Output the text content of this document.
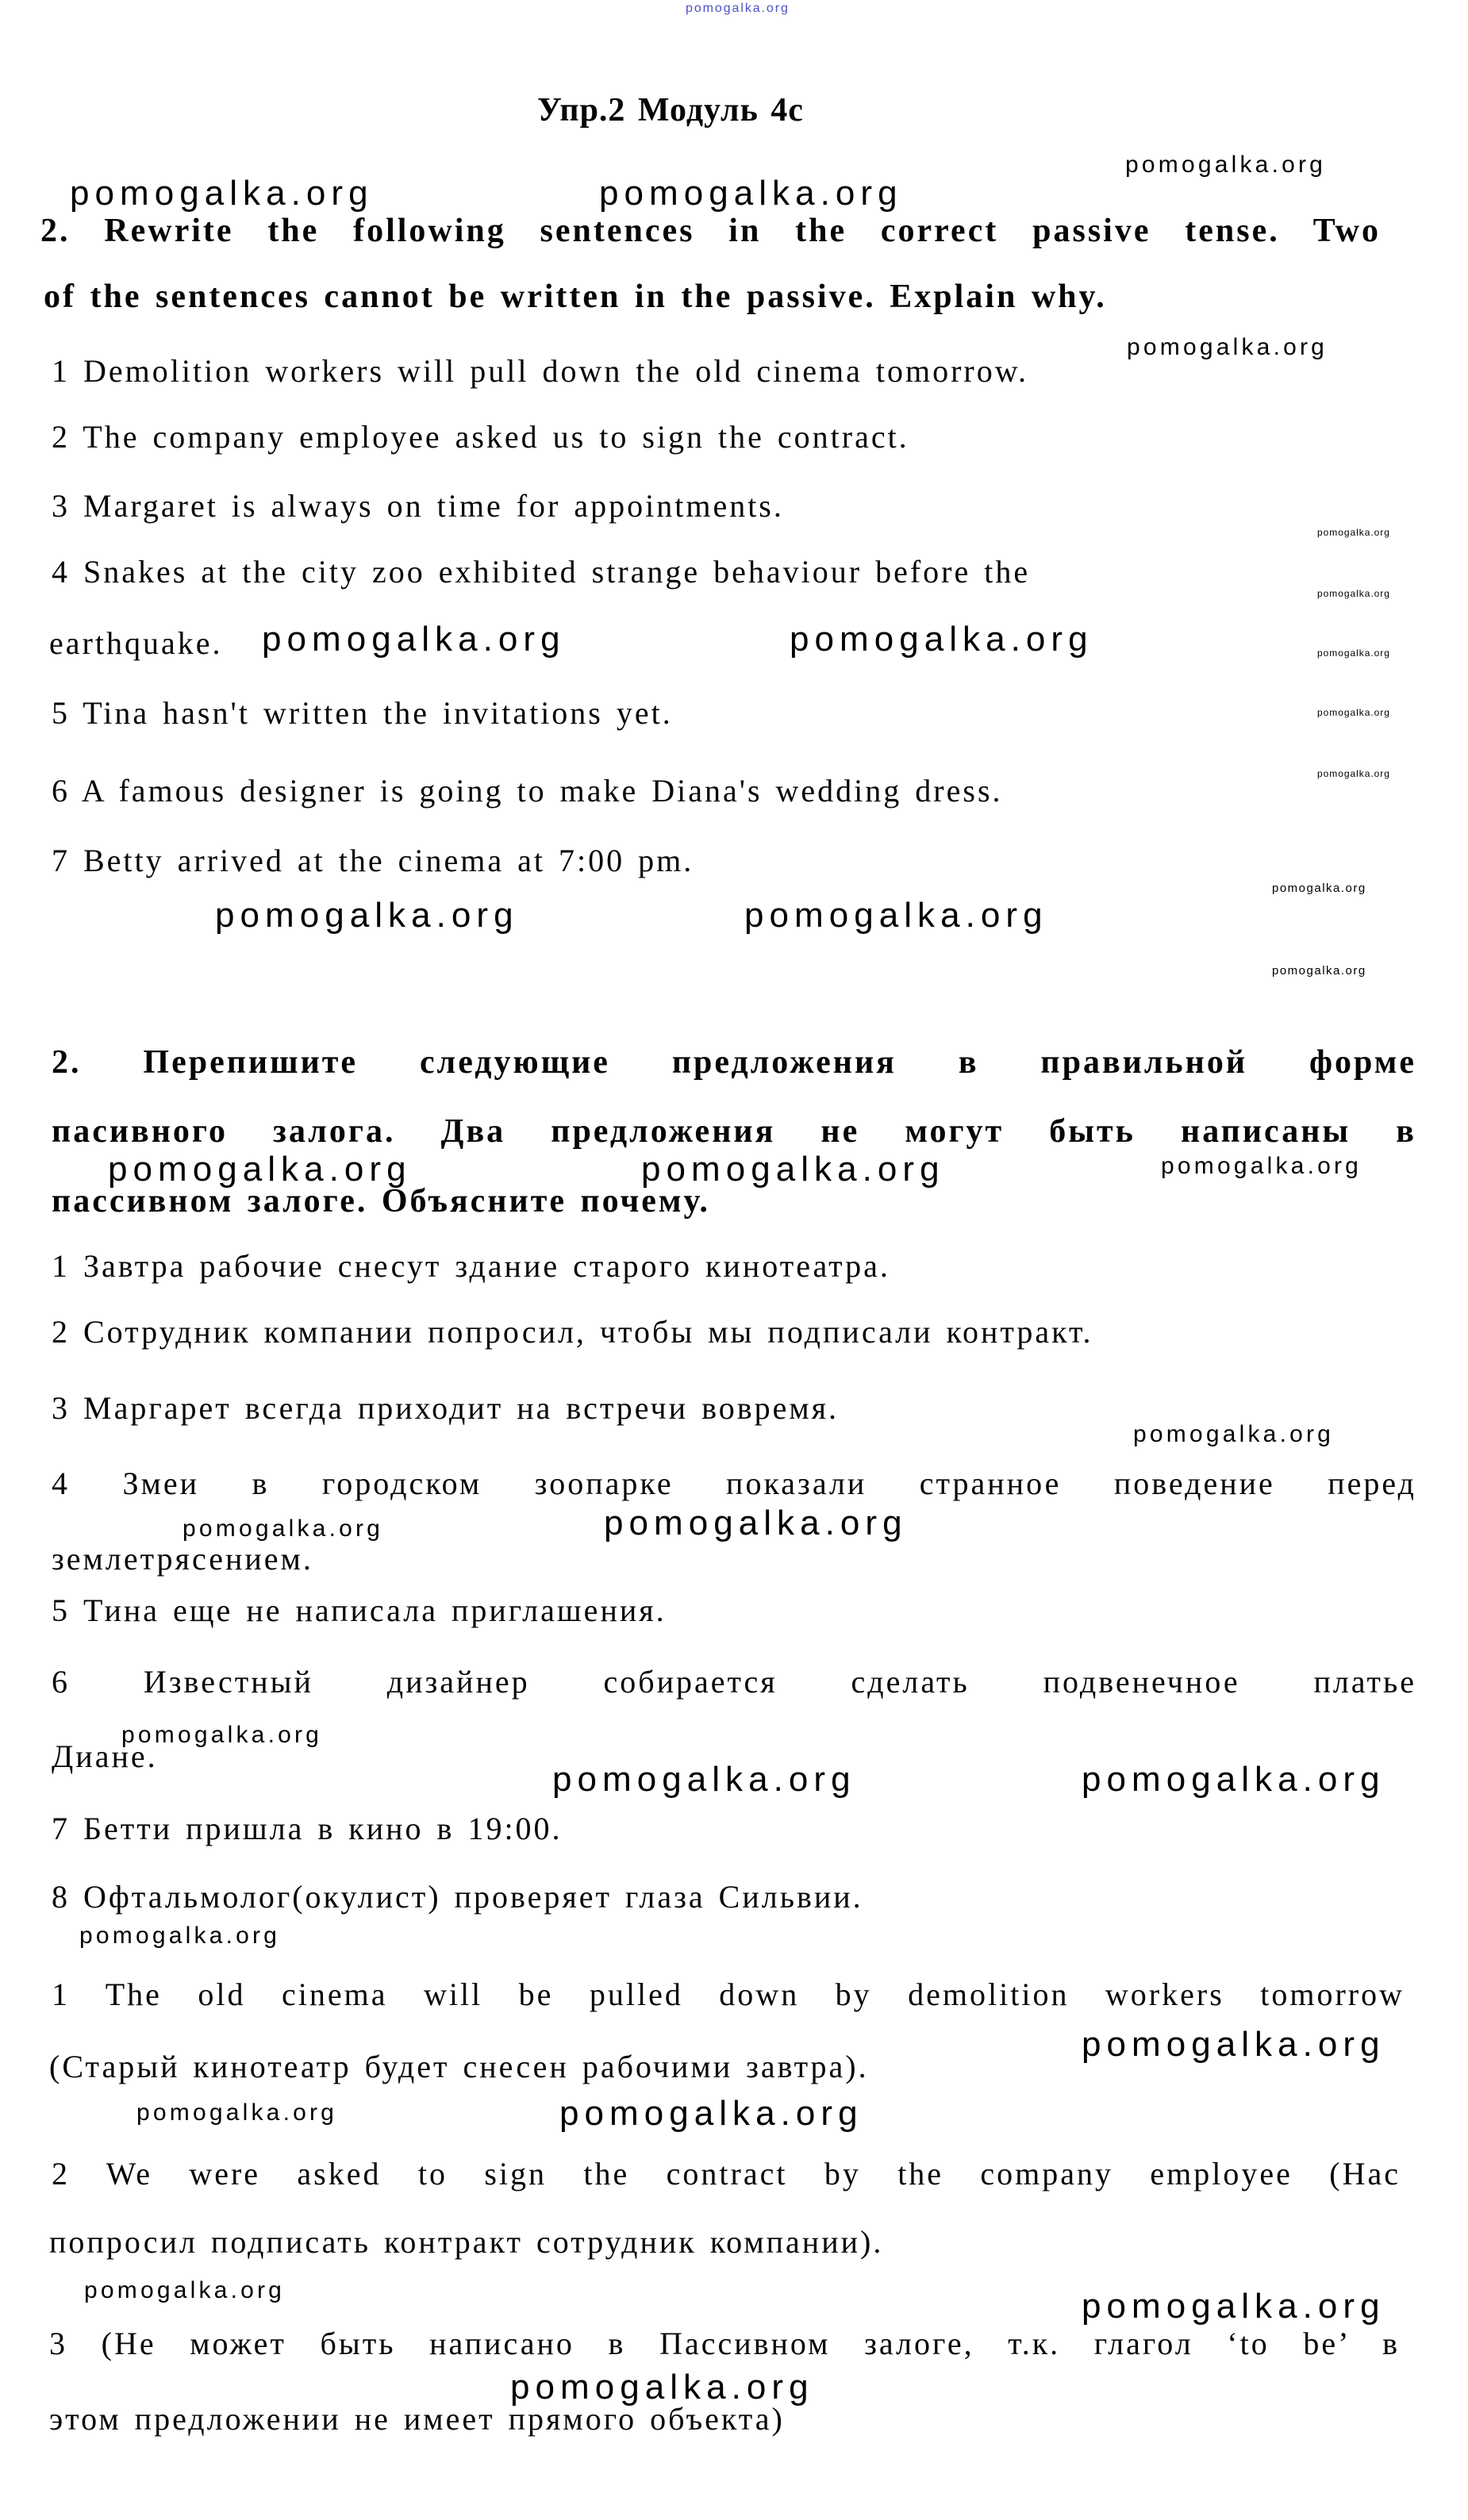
pomogalka.org
pomogalka.org
pomogalka.org	pomogalka.org
pomogalka.org
pomogalka.org
pomogalka.org
pomogalka.org	pomogalka.org	pomogalka.org
pomogalka.org
pomogalka.org
pomogalka.org
pomogalka.org	pomogalka.org
pomogalka.org
pomogalka.org	pomogalka.org	pomogalka.org
pomogalka.org
pomogalka.org	pomogalka.org
pomogalka.org
pomogalka.org	pomogalka.org
pomogalka.org
pomogalka.org
pomogalka.org	pomogalka.org
pomogalka.org	pomogalka.org
pomogalka.org
Упр.2 Модуль 4c
2. Rewrite the following sentences in the correct passive tense. Two
of the sentences cannot be written in the passive. Explain why.
1 Demolition workers will pull down the old cinema tomorrow.
2 The company employee asked us to sign the contract.
3 Margaret is always on time for appointments.
4 Snakes at the city zoo exhibited strange behaviour before the
earthquake.
5 Tina hasn't written the invitations yet.
6 A famous designer is going to make Diana's wedding dress.
7 Betty arrived at the cinema at 7:00 pm.
2. Перепишите следующие предложения в правильной форме
пасивного залога. Два предложения не могут быть написаны в
пассивном залоге. Объясните почему.
1 Завтра рабочие снесут здание старого кинотеатра.
2 Сотрудник компании попросил, чтобы мы подписали контракт.
3 Маргарет всегда приходит на встречи вовремя.
4 Змеи в городском зоопарке показали странное поведение перед
землетрясением.
5 Тина еще не написала приглашения.
6 Известный дизайнер собирается сделать подвенечное платье
Диане.
7 Бетти пришла в кино в 19:00.
8 Офтальмолог(окулист) проверяет глаза Сильвии.
1 The old cinema will be pulled down by demolition workers tomorrow
(Старый кинотеатр будет снесен рабочими завтра).
2 We were asked to sign the contract by the company employee (Нас
попросил подписать контракт сотрудник компании).
3 (Не может быть написано в Пассивном залоге, т.к. глагол ‘to be’ в
этом предложении не имеет прямого объекта)
